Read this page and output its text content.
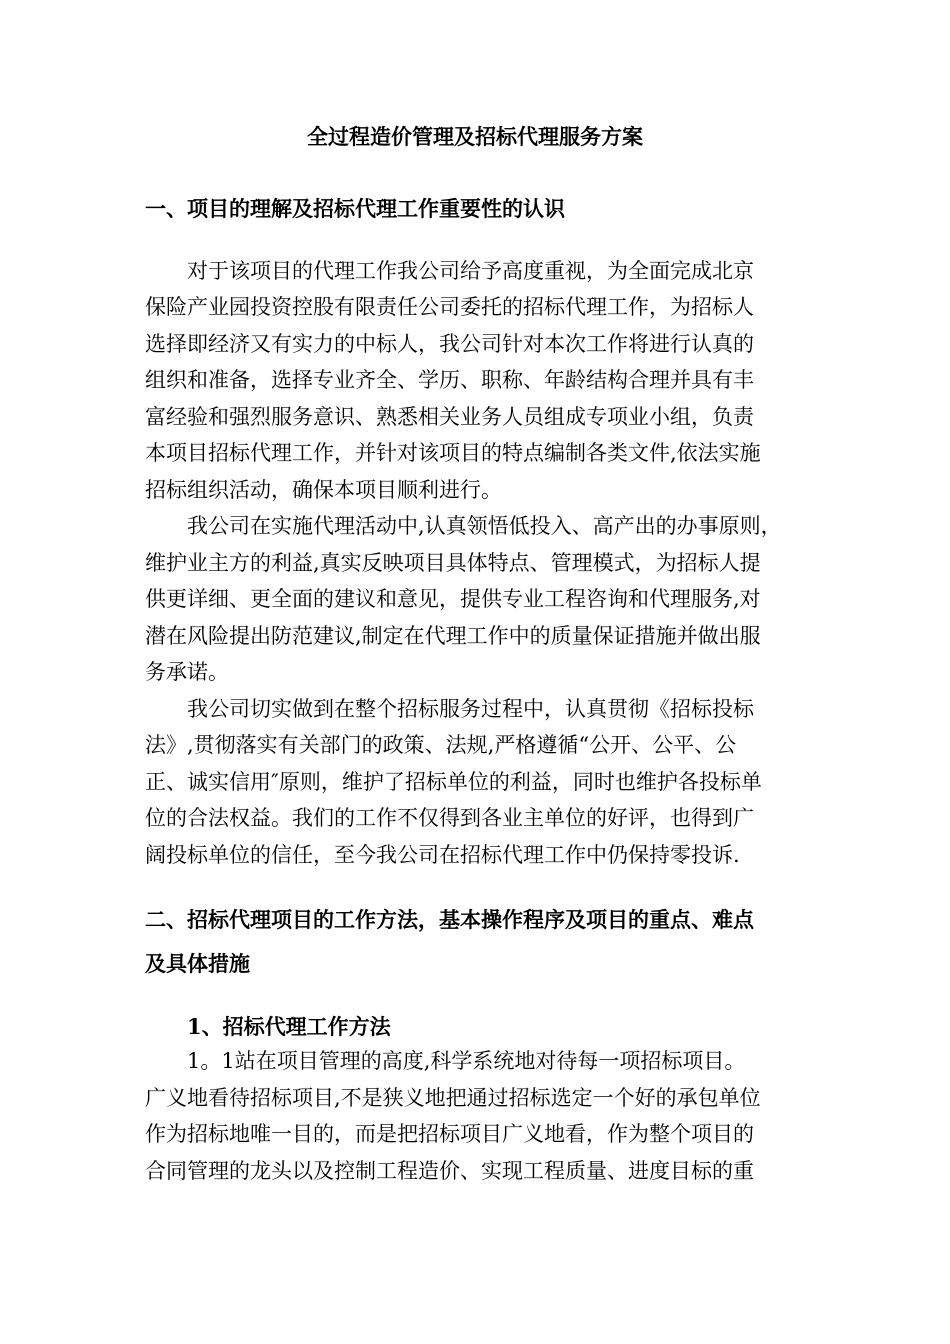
全过程造价管理及招标代理服务方案
一、项目的理解及招标代理工作重要性的认识
对于该项目的代理工作我公司给予高度重视，为全面完成北京
保险产业园投资控股有限责任公司委托的招标代理工作，为招标人
选择即经济又有实力的中标人，我公司针对本次工作将进行认真的
组织和准备，选择专业齐全、学历、职称、年龄结构合理并具有丰
富经验和强烈服务意识、熟悉相关业务人员组成专项业小组，负责
本项目招标代理工作，并针对该项目的特点编制各类文件,依法实施
招标组织活动，确保本项目顺利进行。
我公司在实施代理活动中,认真领悟低投入、高产出的办事原则，
维护业主方的利益,真实反映项目具体特点、管理模式，为招标人提
供更详细、更全面的建议和意见，提供专业工程咨询和代理服务,对
潜在风险提出防范建议,制定在代理工作中的质量保证措施并做出服
务承诺。
我公司切实做到在整个招标服务过程中，认真贯彻《招标投标
法》,贯彻落实有关部门的政策、法规,严格遵循“公开、公平、公
正、诚实信用″原则，维护了招标单位的利益，同时也维护各投标单
位的合法权益。我们的工作不仅得到各业主单位的好评，也得到广
阔投标单位的信任，至今我公司在招标代理工作中仍保持零投诉.
二、招标代理项目的工作方法，基本操作程序及项目的重点、难点
及具体措施
1、招标代理工作方法
1。1站在项目管理的高度,科学系统地对待每一项招标项目。
广义地看待招标项目,不是狭义地把通过招标选定一个好的承包单位
作为招标地唯一目的，而是把招标项目广义地看，作为整个项目的
合同管理的龙头以及控制工程造价、实现工程质量、进度目标的重
